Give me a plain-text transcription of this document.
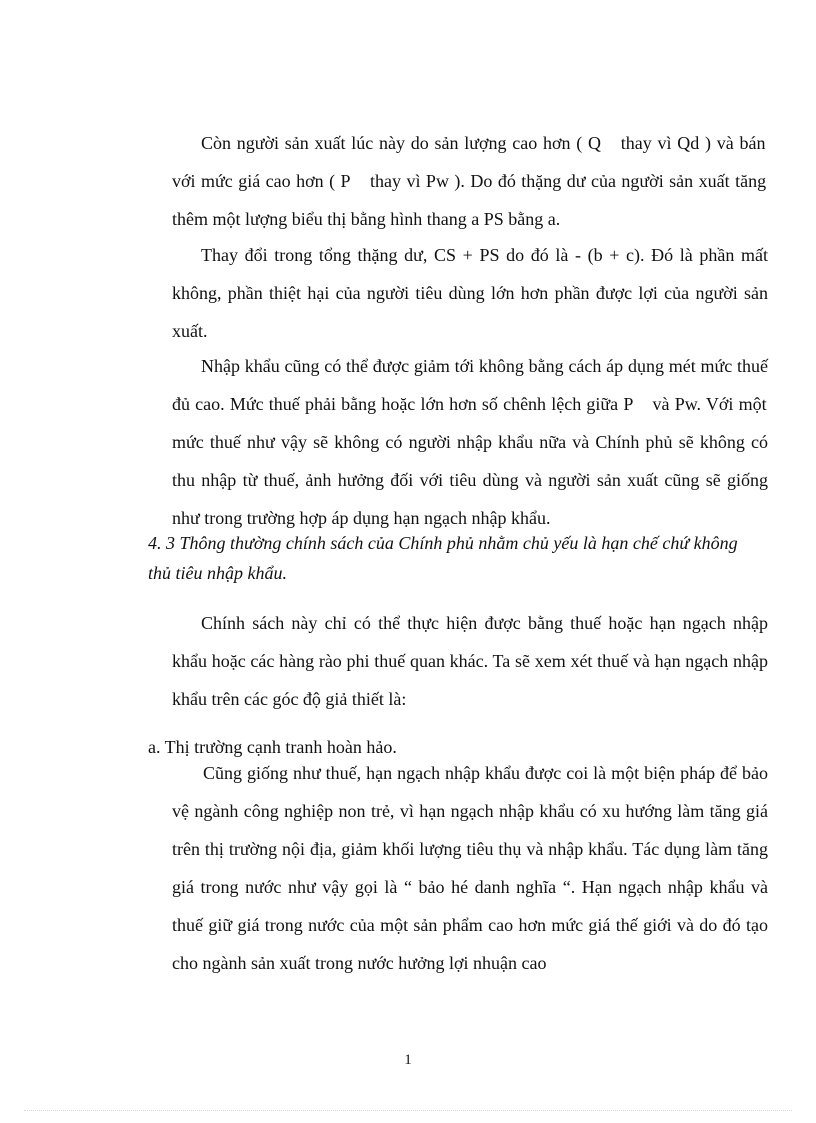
Còn người sản xuất lúc này do sản lượng cao hơn ( Q⃞ thay vì Qd ) và bán với mức giá cao hơn ( P⃞ thay vì Pw ). Do đó thặng dư của người sản xuất tăng thêm một lượng biểu thị bằng hình thang a PS bằng a.

Thay đổi trong tổng thặng dư, CS + PS do đó là - (b + c). Đó là phần mất không, phần thiệt hại của người tiêu dùng lớn hơn phần được lợi của người sản xuất.

Nhập khẩu cũng có thể được giảm tới không bằng cách áp dụng mét mức thuế đủ cao. Mức thuế phải bằng hoặc lớn hơn số chênh lệch giữa P⃞ và Pw. Với một mức thuế như vậy sẽ không có người nhập khẩu nữa và Chính phủ sẽ không có thu nhập từ thuế, ảnh hưởng đối với tiêu dùng và người sản xuất cũng sẽ giống như trong trường hợp áp dụng hạn ngạch nhập khẩu.

4. 3 Thông thường chính sách của Chính phủ nhằm chủ yếu là hạn chế chứ không thủ tiêu nhập khẩu.

Chính sách này chỉ có thể thực hiện được bằng thuế hoặc hạn ngạch nhập khẩu hoặc các hàng rào phi thuế quan khác. Ta sẽ xem xét thuế và hạn ngạch nhập khẩu trên các góc độ giả thiết là:

a. Thị trường cạnh tranh hoàn hảo.

Cũng giống như thuế, hạn ngạch nhập khẩu được coi là một biện pháp để bảo vệ ngành công nghiệp non trẻ, vì hạn ngạch nhập khẩu có xu hướng làm tăng giá trên thị trường nội địa, giảm khối lượng tiêu thụ và nhập khẩu. Tác dụng làm tăng giá trong nước như vậy gọi là “ bảo hé danh nghĩa “. Hạn ngạch nhập khẩu và thuế giữ giá trong nước của một sản phẩm cao hơn mức giá thế giới và do đó tạo cho ngành sản xuất trong nước hưởng lợi nhuận cao

1
